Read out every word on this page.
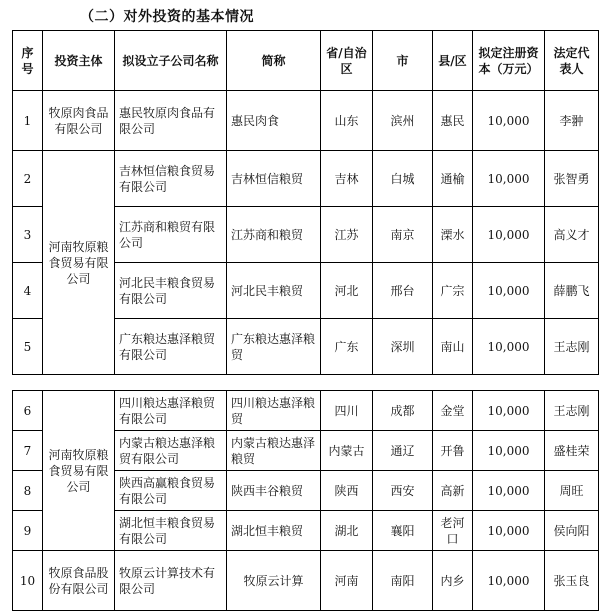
（二）对外投资的基本情况
序号	投资主体	拟设立子公司名称	简称	省/自治区	市	县/区	拟定注册资本（万元）	法定代表人
1	牧原肉食品有限公司	惠民牧原肉食品有限公司	惠民肉食	山东	滨州	惠民	10,000	李翀
2	河南牧原粮食贸易有限公司	吉林恒信粮食贸易有限公司	吉林恒信粮贸	吉林	白城	通榆	10,000	张智勇
3		江苏商和粮贸有限公司	江苏商和粮贸	江苏	南京	溧水	10,000	高义才
4		河北民丰粮食贸易有限公司	河北民丰粮贸	河北	邢台	广宗	10,000	薛鹏飞
5		广东粮达惠泽粮贸有限公司	广东粮达惠泽粮贸	广东	深圳	南山	10,000	王志刚
6	河南牧原粮食贸易有限公司	四川粮达惠泽粮贸有限公司	四川粮达惠泽粮贸	四川	成都	金堂	10,000	王志刚
7		内蒙古粮达惠泽粮贸有限公司	内蒙古粮达惠泽粮贸	内蒙古	通辽	开鲁	10,000	盛桂荣
8		陕西高赢粮食贸易有限公司	陕西丰谷粮贸	陕西	西安	高新	10,000	周旺
9		湖北恒丰粮食贸易有限公司	湖北恒丰粮贸	湖北	襄阳	老河口	10,000	侯向阳
10	牧原食品股份有限公司	牧原云计算技术有限公司	牧原云计算	河南	南阳	内乡	10,000	张玉良
